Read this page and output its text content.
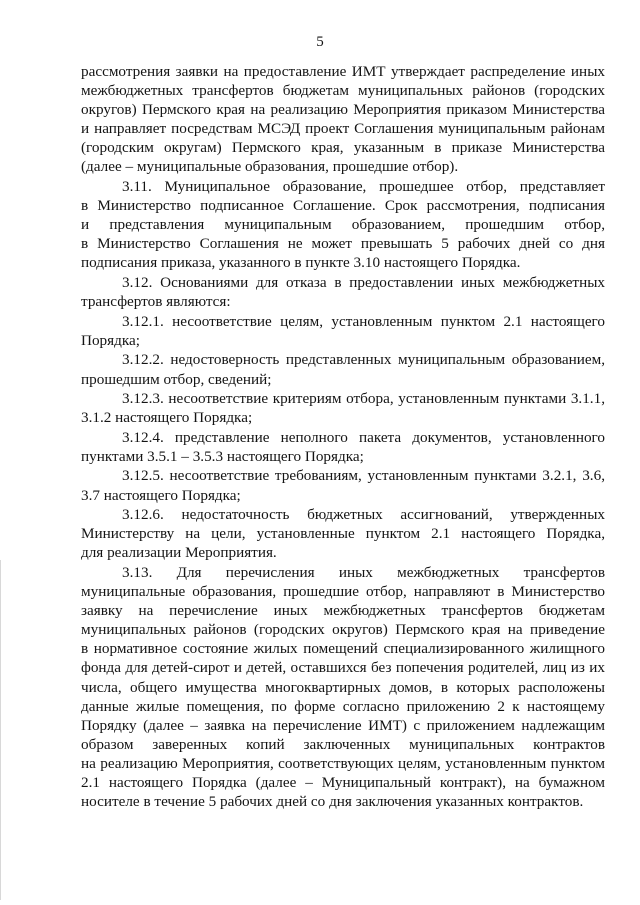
5
рассмотрения заявки на предоставление ИМТ утверждает распределение иных
межбюджетных трансфертов бюджетам муниципальных районов (городских
округов) Пермского края на реализацию Мероприятия приказом Министерства
и направляет посредствам МСЭД проект Соглашения муниципальным районам
(городским округам) Пермского края, указанным в приказе Министерства
(далее – муниципальные образования, прошедшие отбор).
3.11. Муниципальное образование, прошедшее отбор, представляет
в Министерство подписанное Соглашение. Срок рассмотрения, подписания
и представления муниципальным образованием, прошедшим отбор,
в Министерство Соглашения не может превышать 5 рабочих дней со дня
подписания приказа, указанного в пункте 3.10 настоящего Порядка.
3.12. Основаниями для отказа в предоставлении иных межбюджетных
трансфертов являются:
3.12.1. несоответствие целям, установленным пунктом 2.1 настоящего
Порядка;
3.12.2. недостоверность представленных муниципальным образованием,
прошедшим отбор, сведений;
3.12.3. несоответствие критериям отбора, установленным пунктами 3.1.1,
3.1.2 настоящего Порядка;
3.12.4. представление неполного пакета документов, установленного
пунктами 3.5.1 – 3.5.3 настоящего Порядка;
3.12.5. несоответствие требованиям, установленным пунктами 3.2.1, 3.6,
3.7 настоящего Порядка;
3.12.6. недостаточность бюджетных ассигнований, утвержденных
Министерству на цели, установленные пунктом 2.1 настоящего Порядка,
для реализации Мероприятия.
3.13. Для перечисления иных межбюджетных трансфертов
муниципальные образования, прошедшие отбор, направляют в Министерство
заявку на перечисление иных межбюджетных трансфертов бюджетам
муниципальных районов (городских округов) Пермского края на приведение
в нормативное состояние жилых помещений специализированного жилищного
фонда для детей-сирот и детей, оставшихся без попечения родителей, лиц из их
числа, общего имущества многоквартирных домов, в которых расположены
данные жилые помещения, по форме согласно приложению 2 к настоящему
Порядку (далее – заявка на перечисление ИМТ) с приложением надлежащим
образом заверенных копий заключенных муниципальных контрактов
на реализацию Мероприятия, соответствующих целям, установленным пунктом
2.1 настоящего Порядка (далее – Муниципальный контракт), на бумажном
носителе в течение 5 рабочих дней со дня заключения указанных контрактов.
